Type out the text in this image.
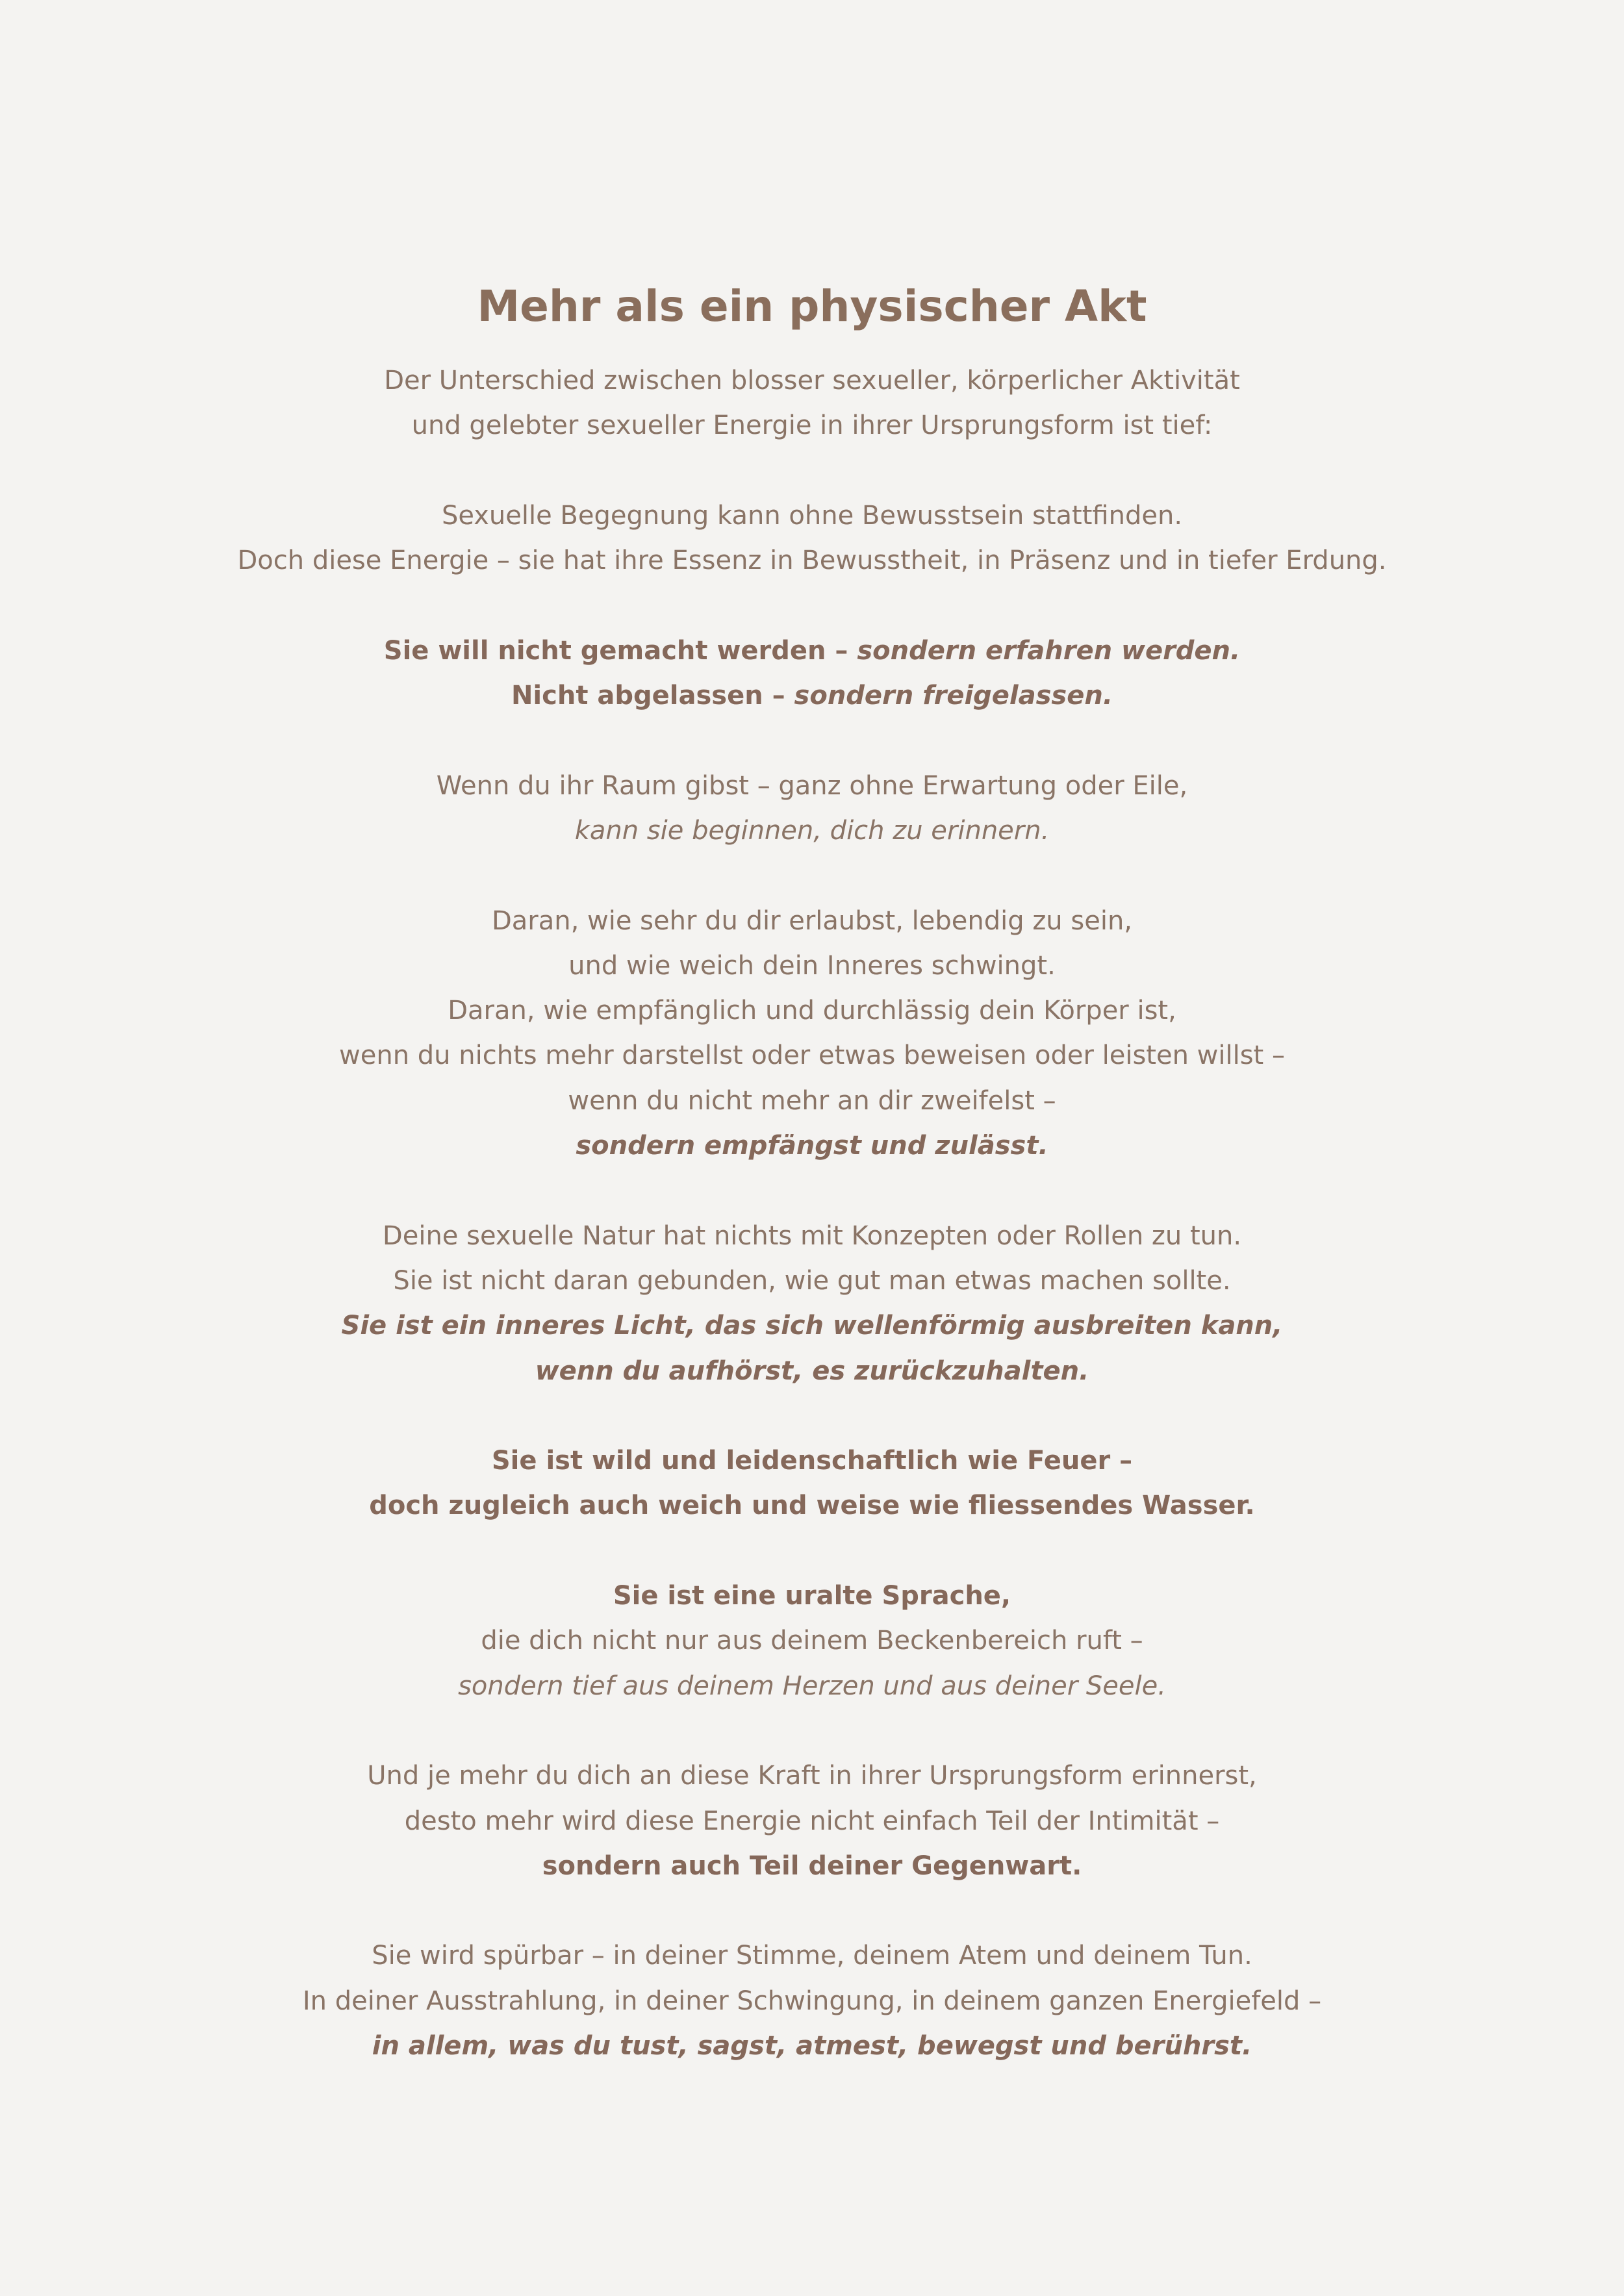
Mehr als ein physischer Akt
Der Unterschied zwischen blosser sexueller, körperlicher Aktivität
und gelebter sexueller Energie in ihrer Ursprungsform ist tief:
Sexuelle Begegnung kann ohne Bewusstsein stattfinden.
Doch diese Energie – sie hat ihre Essenz in Bewusstheit, in Präsenz und in tiefer Erdung.
Sie will nicht gemacht werden – sondern erfahren werden.
Nicht abgelassen – sondern freigelassen.
Wenn du ihr Raum gibst – ganz ohne Erwartung oder Eile,
kann sie beginnen, dich zu erinnern.
Daran, wie sehr du dir erlaubst, lebendig zu sein,
und wie weich dein Inneres schwingt.
Daran, wie empfänglich und durchlässig dein Körper ist,
wenn du nichts mehr darstellst oder etwas beweisen oder leisten willst –
wenn du nicht mehr an dir zweifelst –
sondern empfängst und zulässt.
Deine sexuelle Natur hat nichts mit Konzepten oder Rollen zu tun.
Sie ist nicht daran gebunden, wie gut man etwas machen sollte.
Sie ist ein inneres Licht, das sich wellenförmig ausbreiten kann,
wenn du aufhörst, es zurückzuhalten.
Sie ist wild und leidenschaftlich wie Feuer –
doch zugleich auch weich und weise wie fliessendes Wasser.
Sie ist eine uralte Sprache,
die dich nicht nur aus deinem Beckenbereich ruft –
sondern tief aus deinem Herzen und aus deiner Seele.
Und je mehr du dich an diese Kraft in ihrer Ursprungsform erinnerst,
desto mehr wird diese Energie nicht einfach Teil der Intimität –
sondern auch Teil deiner Gegenwart.
Sie wird spürbar – in deiner Stimme, deinem Atem und deinem Tun.
In deiner Ausstrahlung, in deiner Schwingung, in deinem ganzen Energiefeld –
in allem, was du tust, sagst, atmest, bewegst und berührst.
